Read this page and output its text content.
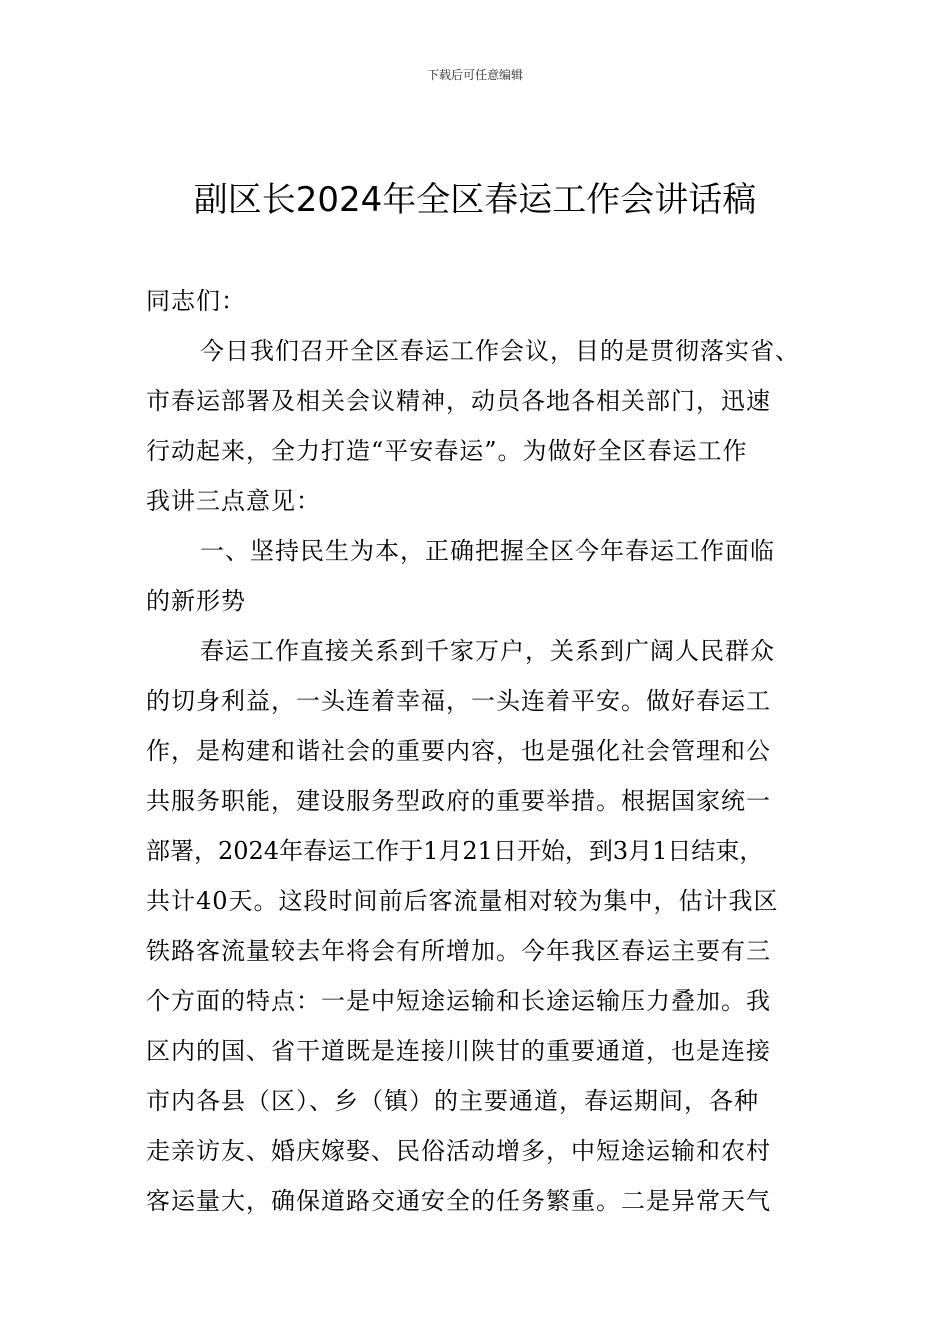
下载后可任意编辑
副区长2024年全区春运工作会讲话稿
同志们：
今日我们召开全区春运工作会议，目的是贯彻落实省、
市春运部署及相关会议精神，动员各地各相关部门，迅速
行动起来，全力打造“平安春运”。为做好全区春运工作
我讲三点意见：
一、坚持民生为本，正确把握全区今年春运工作面临
的新形势
春运工作直接关系到千家万户，关系到广阔人民群众
的切身利益，一头连着幸福，一头连着平安。做好春运工
作，是构建和谐社会的重要内容，也是强化社会管理和公
共服务职能，建设服务型政府的重要举措。根据国家统一
部署，2024年春运工作于1月21日开始，到3月1日结束，
共计40天。这段时间前后客流量相对较为集中，估计我区
铁路客流量较去年将会有所增加。今年我区春运主要有三
个方面的特点：一是中短途运输和长途运输压力叠加。我
区内的国、省干道既是连接川陕甘的重要通道，也是连接
市内各县（区）、乡（镇）的主要通道，春运期间，各种
走亲访友、婚庆嫁娶、民俗活动增多，中短途运输和农村
客运量大，确保道路交通安全的任务繁重。二是异常天气
